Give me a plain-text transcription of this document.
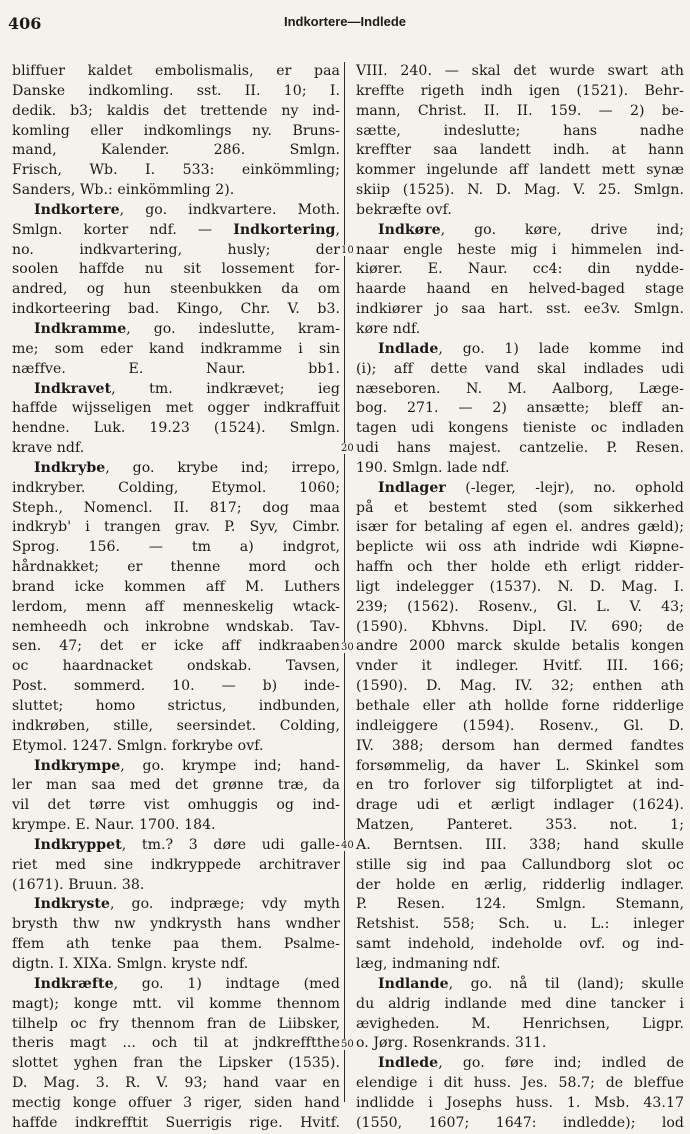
406	Indkortere—Indlede
bliffuer kaldet embolismalis, er paa
Danske indkomling. sst. II. 10; I.
dedik. b3; kaldis det trettende ny ind-
komling eller indkomlings ny. Bruns-
mand, Kalender. 286. Smlgn.
Frisch, Wb. I. 533: einkömmling;
Sanders, Wb.: einkömmling 2).
Indkortere, go. indkvartere. Moth.
Smlgn. korter ndf. — Indkortering,
no. indkvartering, husly; der
soolen haffde nu sit lossement for-
andred, og hun steenbukken da om
indkorteering bad. Kingo, Chr. V. b3.
Indkramme, go. indeslutte, kram-
me; som eder kand indkramme i sin
næffve. E. Naur. bb1.
Indkravet, tm. indkrævet; ieg
haffde wijsseligen met ogger indkraffuit
hendne. Luk. 19.23 (1524). Smlgn.
krave ndf.
Indkrybe, go. krybe ind; irrepo,
indkryber. Colding, Etymol. 1060;
Steph., Nomencl. II. 817; dog maa
indkryb' i trangen grav. P. Syv, Cimbr.
Sprog. 156. — tm a) indgrot,
hårdnakket; er thenne mord och
brand icke kommen aff M. Luthers
lerdom, menn aff menneskelig wtack-
nemheedh och inkrobne wndskab. Tav-
sen. 47; det er icke aff indkraaben
oc haardnacket ondskab. Tavsen,
Post. sommerd. 10. — b) inde-
sluttet; homo strictus, indbunden,
indkrøben, stille, seersindet. Colding,
Etymol. 1247. Smlgn. forkrybe ovf.
Indkrympe, go. krympe ind; hand-
ler man saa med det grønne træ, da
vil det tørre vist omhuggis og ind-
krympe. E. Naur. 1700. 184.
Indkryppet, tm.? 3 døre udi galle-
riet med sine indkryppede architraver
(1671). Bruun. 38.
Indkryste, go. indpræge; vdy myth
brysth thw nw yndkrysth hans wndher
ffem ath tenke paa them. Psalme-
digtn. I. XIXa. Smlgn. kryste ndf.
Indkræfte, go. 1) indtage (med
magt); konge mtt. vil komme thennom
tilhelp oc fry thennom fran de Liibsker,
theris magt ... och til at jndkrefftthe
slottet yghen fran the Lipsker (1535).
D. Mag. 3. R. V. 93; hand vaar en
mectig konge offuer 3 riger, siden hand
haffde indkrefftit Suerrigis rige. Hvitf.
VIII. 240. — skal det wurde swart ath
kreffte rigeth indh igen (1521). Behr-
mann, Christ. II. II. 159. — 2) be-
sætte, indeslutte; hans nadhe
kreffter saa landett indh. at hann
kommer ingelunde aff landett mett synæ
skiip (1525). N. D. Mag. V. 25. Smlgn.
bekræfte ovf.
Indkøre, go. køre, drive ind;
naar engle heste mig i himmelen ind-
kiører. E. Naur. cc4: din nydde-
haarde haand en helved-baged stage
indkiører jo saa hart. sst. ee3v. Smlgn.
køre ndf.
Indlade, go. 1) lade komme ind
(i); aff dette vand skal indlades udi
næseboren. N. M. Aalborg, Læge-
bog. 271. — 2) ansætte; bleff an-
tagen udi kongens tieniste oc indladen
udi hans majest. cantzelie. P. Resen.
190. Smlgn. lade ndf.
Indlager (-leger, -lejr), no. ophold
på et bestemt sted (som sikkerhed
især for betaling af egen el. andres gæld);
beplicte wii oss ath indride wdi Kiøpne-
haffn och ther holde eth erligt ridder-
ligt indelegger (1537). N. D. Mag. I.
239; (1562). Rosenv., Gl. L. V. 43;
(1590). Kbhvns. Dipl. IV. 690; de
andre 2000 marck skulde betalis kongen
vnder it indleger. Hvitf. III. 166;
(1590). D. Mag. IV. 32; enthen ath
bethale eller ath hollde forne ridderlige
indleiggere (1594). Rosenv., Gl. D.
IV. 388; dersom han dermed fandtes
forsømmelig, da haver L. Skinkel som
en tro forlover sig tilforpligtet at ind-
drage udi et ærligt indlager (1624).
Matzen, Panteret. 353. not. 1;
A. Berntsen. III. 338; hand skulle
stille sig ind paa Callundborg slot oc
der holde en ærlig, ridderlig indlager.
P. Resen. 124. Smlgn. Stemann,
Retshist. 558; Sch. u. L.: inleger
samt indehold, indeholde ovf. og ind-
læg, indmaning ndf.
Indlande, go. nå til (land); skulle
du aldrig indlande med dine tancker i
ævigheden. M. Henrichsen, Ligpr.
o. Jørg. Rosenkrands. 311.
Indlede, go. føre ind; indled de
elendige i dit huss. Jes. 58.7; de bleffue
indlidde i Josephs huss. 1. Msb. 43.17
(1550, 1607; 1647: indledde); lod
10
20
30
40
50
